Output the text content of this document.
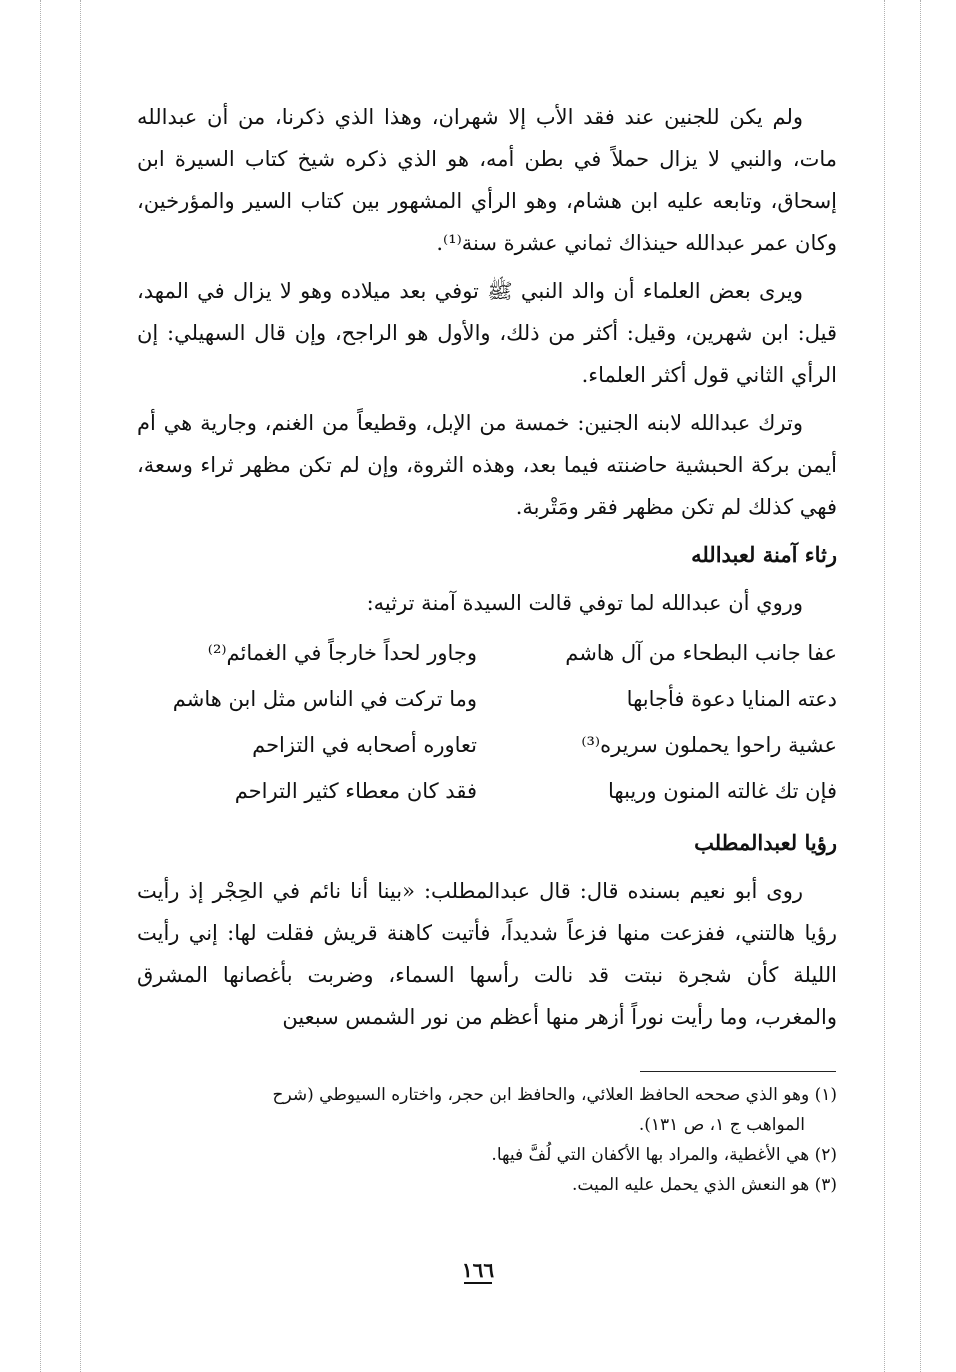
ولم يكن للجنين عند فقد الأب إلا شهران، وهذا الذي ذكرنا، من أن عبدالله مات، والنبي لا يزال حملاً في بطن أمه، هو الذي ذكره شيخ كتاب السيرة ابن إسحاق، وتابعه عليه ابن هشام، وهو الرأي المشهور بين كتاب السير والمؤرخين، وكان عمر عبدالله حينذاك ثماني عشرة سنة⁽¹⁾.

ويرى بعض العلماء أن والد النبي ﷺ توفي بعد ميلاده وهو لا يزال في المهد، قيل: ابن شهرين، وقيل: أكثر من ذلك، والأول هو الراجح، وإن قال السهيلي: إن الرأي الثاني قول أكثر العلماء.

وترك عبدالله لابنه الجنين: خمسة من الإبل، وقطيعاً من الغنم، وجارية هي أم أيمن بركة الحبشية حاضنته فيما بعد، وهذه الثروة، وإن لم تكن مظهر ثراء وسعة، فهي كذلك لم تكن مظهر فقر ومَتْربة.

رثاء آمنة لعبدالله

وروي أن عبدالله لما توفي قالت السيدة آمنة ترثيه:

عفا جانب البطحاء من آل هاشم
وجاور لحداً خارجاً في الغمائم⁽²⁾
دعته المنايا دعوة فأجابها
وما تركت في الناس مثل ابن هاشم
عشية راحوا يحملون سريره⁽³⁾
تعاوره أصحابه في التزاحم
فإن تك غالته المنون وريبها
فقد كان معطاء كثير التراحم
رؤيا لعبدالمطلب

روى أبو نعيم بسنده قال: قال عبدالمطلب: «بينا أنا نائم في الحِجْر إذ رأيت رؤيا هالتني، ففزعت منها فزعاً شديداً، فأتيت كاهنة قريش فقلت لها: إني رأيت الليلة كأن شجرة نبتت قد نالت رأسها السماء، وضربت بأغصانها المشرق والمغرب، وما رأيت نوراً أزهر منها أعظم من نور الشمس سبعين

(١) وهو الذي صححه الحافظ العلائي، والحافظ ابن حجر، واختاره السيوطي (شرح

المواهب ج ١، ص ١٣١).

(٢) هي الأغطية، والمراد بها الأكفان التي لُفَّ فيها.

(٣) هو النعش الذي يحمل عليه الميت.

١٦٦
